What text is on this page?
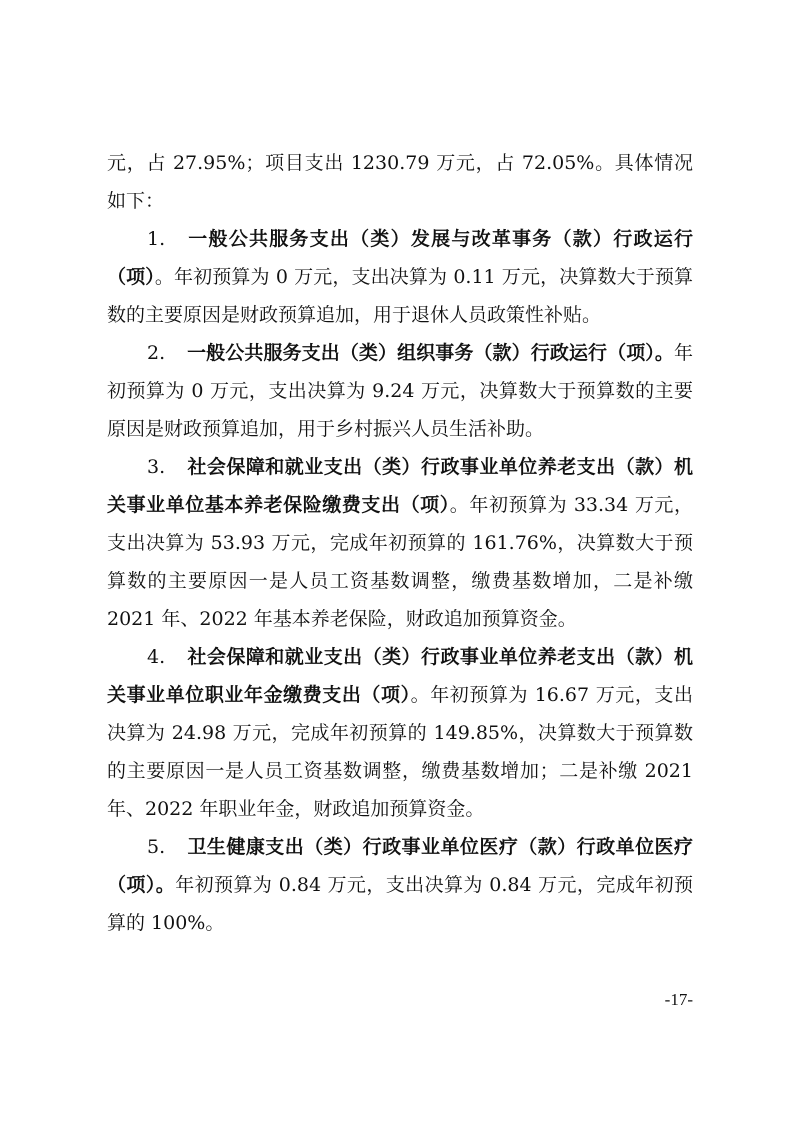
元，占 27.95%；项目支出 1230.79 万元，占 72.05%。具体情况如下：

1. 一般公共服务支出（类）发展与改革事务（款）行政运行（项）。年初预算为 0 万元，支出决算为 0.11 万元，决算数大于预算数的主要原因是财政预算追加，用于退休人员政策性补贴。

2. 一般公共服务支出（类）组织事务（款）行政运行（项）。年初预算为 0 万元，支出决算为 9.24 万元，决算数大于预算数的主要原因是财政预算追加，用于乡村振兴人员生活补助。

3. 社会保障和就业支出（类）行政事业单位养老支出（款）机关事业单位基本养老保险缴费支出（项）。年初预算为 33.34 万元，支出决算为 53.93 万元，完成年初预算的 161.76%，决算数大于预算数的主要原因一是人员工资基数调整，缴费基数增加，二是补缴 2021 年、2022 年基本养老保险，财政追加预算资金。

4. 社会保障和就业支出（类）行政事业单位养老支出（款）机关事业单位职业年金缴费支出（项）。年初预算为 16.67 万元，支出决算为 24.98 万元，完成年初预算的 149.85%，决算数大于预算数的主要原因一是人员工资基数调整，缴费基数增加；二是补缴 2021 年、2022 年职业年金，财政追加预算资金。

5. 卫生健康支出（类）行政事业单位医疗（款）行政单位医疗（项）。年初预算为 0.84 万元，支出决算为 0.84 万元，完成年初预算的 100%。

-17-
